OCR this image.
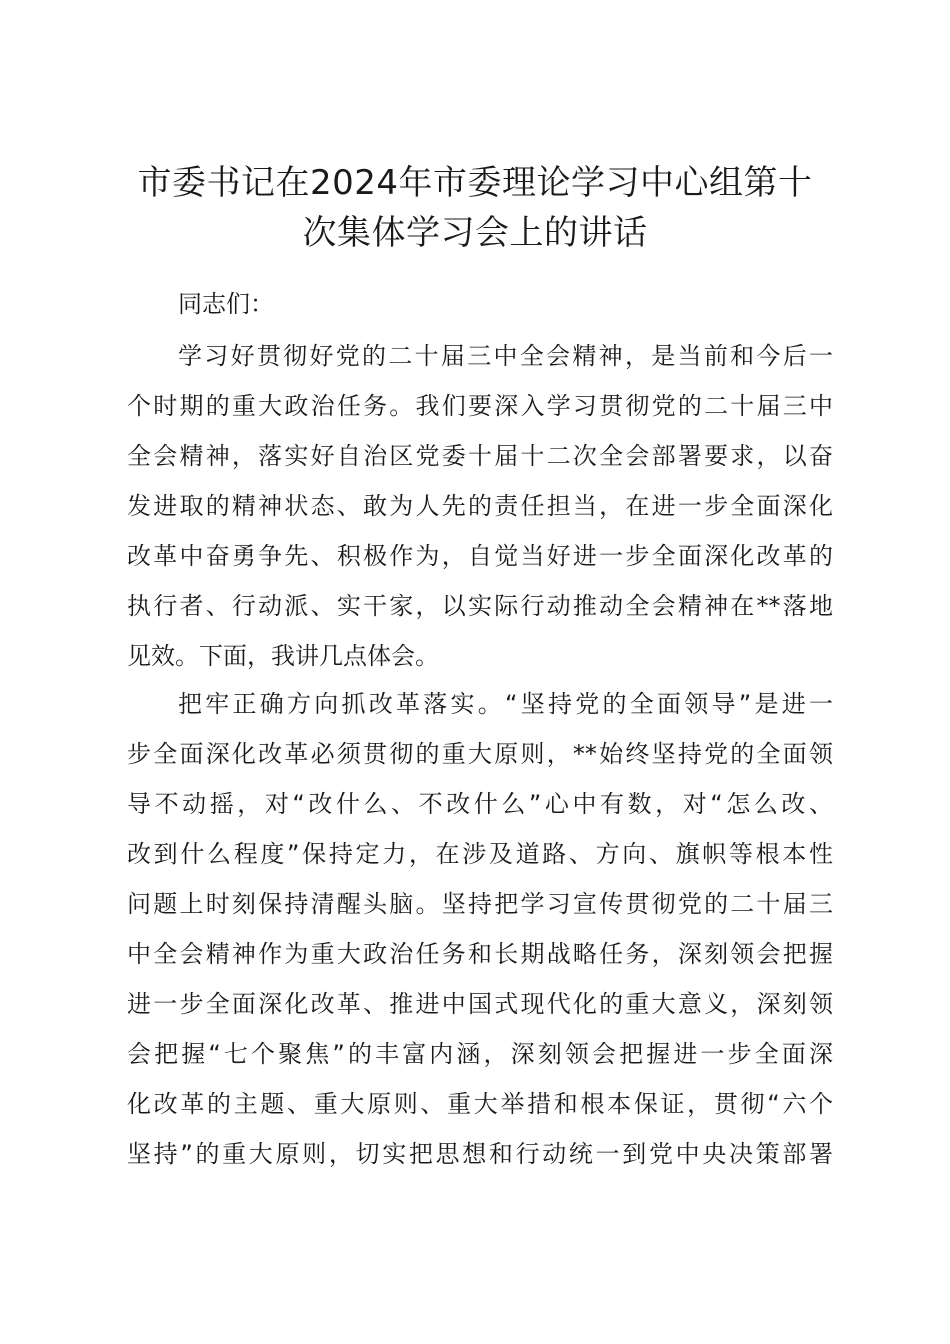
市委书记在2024年市委理论学习中心组第十
次集体学习会上的讲话

同志们：

学习好贯彻好党的二十届三中全会精神，是当前和今后一
个时期的重大政治任务。我们要深入学习贯彻党的二十届三中
全会精神，落实好自治区党委十届十二次全会部署要求，以奋
发进取的精神状态、敢为人先的责任担当，在进一步全面深化
改革中奋勇争先、积极作为，自觉当好进一步全面深化改革的
执行者、行动派、实干家，以实际行动推动全会精神在**落地
见效。下面，我讲几点体会。
把牢正确方向抓改革落实。“坚持党的全面领导”是进一
步全面深化改革必须贯彻的重大原则，**始终坚持党的全面领
导不动摇，对“改什么、不改什么”心中有数，对“怎么改、
改到什么程度”保持定力，在涉及道路、方向、旗帜等根本性
问题上时刻保持清醒头脑。坚持把学习宣传贯彻党的二十届三
中全会精神作为重大政治任务和长期战略任务，深刻领会把握
进一步全面深化改革、推进中国式现代化的重大意义，深刻领
会把握“七个聚焦”的丰富内涵，深刻领会把握进一步全面深
化改革的主题、重大原则、重大举措和根本保证，贯彻“六个
坚持”的重大原则，切实把思想和行动统一到党中央决策部署
